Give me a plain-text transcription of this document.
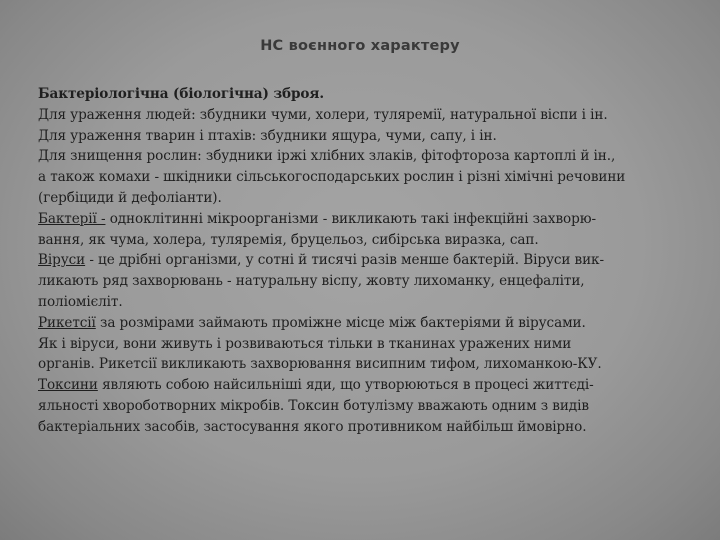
НС воєнного характеру
Бактеріологічна (біологічна) зброя.
Для ураження людей: збудники чуми, холери, туляремії, натуральної віспи і ін.
Для ураження тварин і птахів: збудники ящура, чуми, сапу, і ін.
Для знищення рослин: збудники іржі хлібних злаків, фітофтороза картоплі й ін.,
а також комахи - шкідники сільськогосподарських рослин і різні хімічні речовини
(гербіциди й дефоліанти).
Бактерії - одноклітинні мікроорганізми - викликають такі інфекційні захворю-
вання, як чума, холера, туляремія, бруцельоз, сибірська виразка, сап.
Віруси - це дрібні організми, у сотні й тисячі разів менше бактерій. Віруси вик-
ликають ряд захворювань - натуральну віспу, жовту лихоманку, енцефаліти,
поліомієліт.
Рикетсії за розмірами займають проміжне місце між бактеріями й вірусами.
Як і віруси, вони живуть і розвиваються тільки в тканинах уражених ними
органів. Рикетсії викликають захворювання висипним тифом, лихоманкою-КУ.
Токсини являють собою найсильніші яди, що утворюються в процесі життєді-
яльності хвороботворних мікробів. Токсин ботулізму вважають одним з видів
бактеріальних засобів, застосування якого противником найбільш ймовірно.
